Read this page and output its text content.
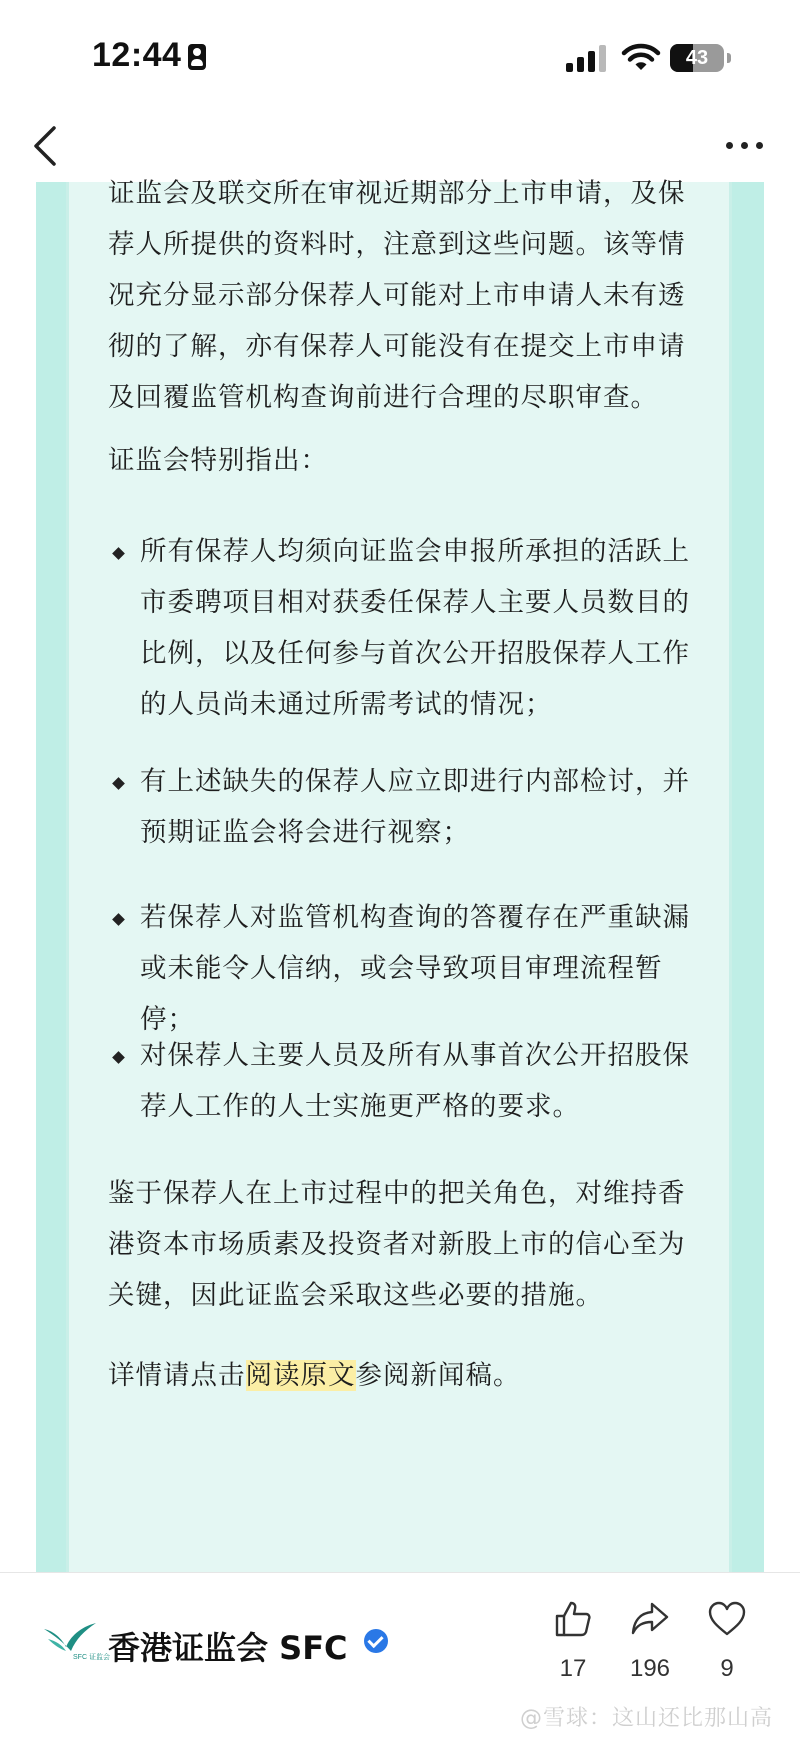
12:44	43
证监会及联交所在审视近期部分上市申请，及保荐人所提供的资料时，注意到这些问题。该等情况充分显示部分保荐人可能对上市申请人未有透彻的了解，亦有保荐人可能没有在提交上市申请及回覆监管机构查询前进行合理的尽职审查。
证监会特别指出：
所有保荐人均须向证监会申报所承担的活跃上市委聘项目相对获委任保荐人主要人员数目的比例，以及任何参与首次公开招股保荐人工作的人员尚未通过所需考试的情况；
有上述缺失的保荐人应立即进行内部检讨，并预期证监会将会进行视察；
若保荐人对监管机构查询的答覆存在严重缺漏或未能令人信纳，或会导致项目审理流程暂停；
对保荐人主要人员及所有从事首次公开招股保荐人工作的人士实施更严格的要求。
鉴于保荐人在上市过程中的把关角色，对维持香港资本市场质素及投资者对新股上市的信心至为关键，因此证监会采取这些必要的措施。
详情请点击阅读原文参阅新闻稿。
SFC 证监会
香港证监会 SFC
17	196	9
@雪球：这山还比那山高
